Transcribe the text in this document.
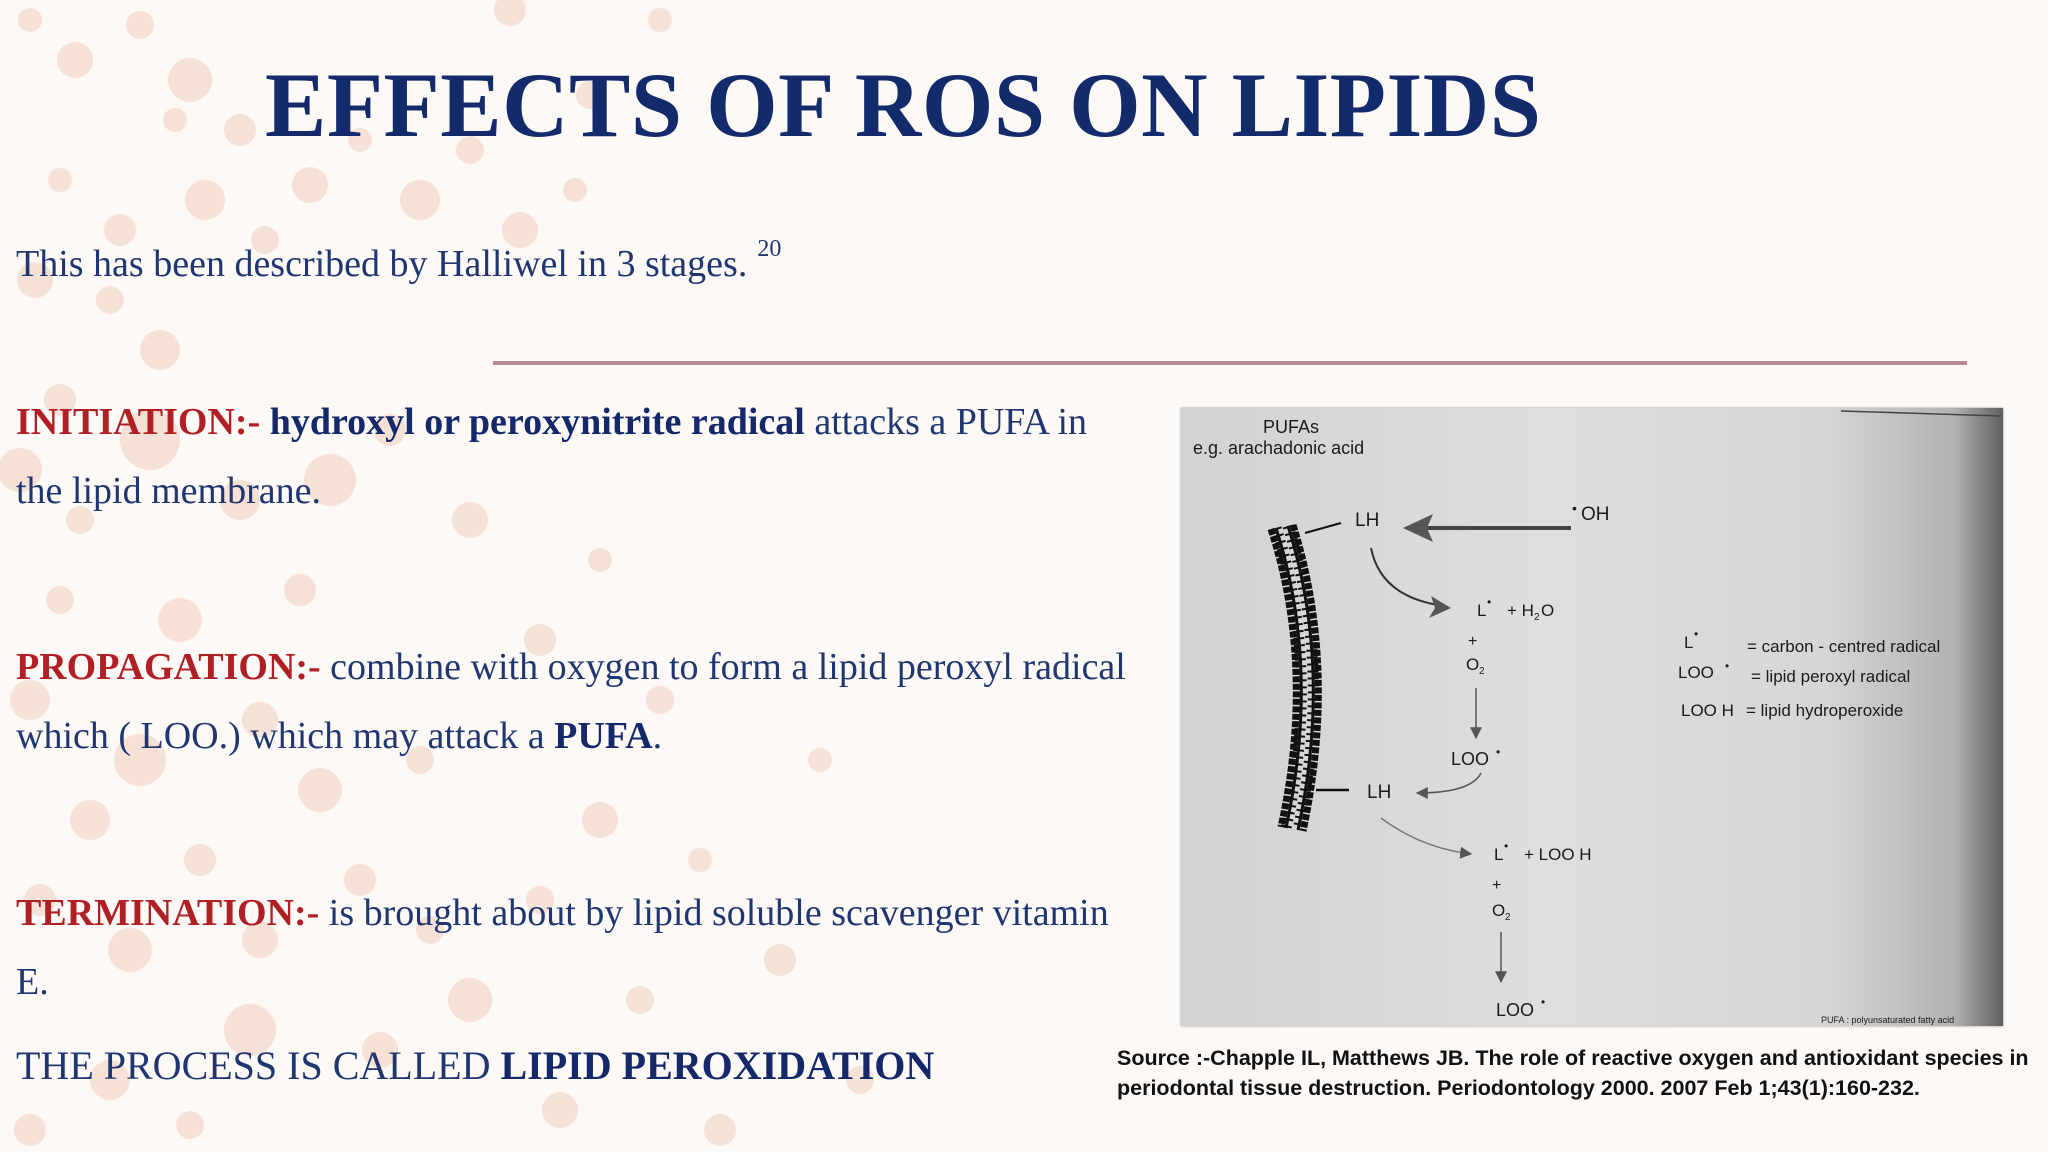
EFFECTS OF ROS ON LIPIDS
This has been described by Halliwel in 3 stages. $^{20}$
INITIATION:- hydroxyl or peroxynitrite radical attacks a PUFA in the lipid membrane.
PROPAGATION:- combine with oxygen to form a lipid peroxyl radical which ( LOO.) which may attack a PUFA.
TERMINATION:- is brought about by lipid soluble scavenger vitamin E.
THE PROCESS IS CALLED LIPID PEROXIDATION
PUFAs
e.g. arachadonic acid
LH
• OH
L • + H 2 O
+
O 2
LOO •
LH
L • + LOO H
+
O 2
LOO •
L •
= carbon - centred radical
LOO •
= lipid peroxyl radical
LOO H = lipid hydroperoxide
PUFA : polyunsaturated fatty acid
Source :-Chapple IL, Matthews JB. The role of reactive oxygen and antioxidant species in periodontal tissue destruction. Periodontology 2000. 2007 Feb 1;43(1):160-232.
